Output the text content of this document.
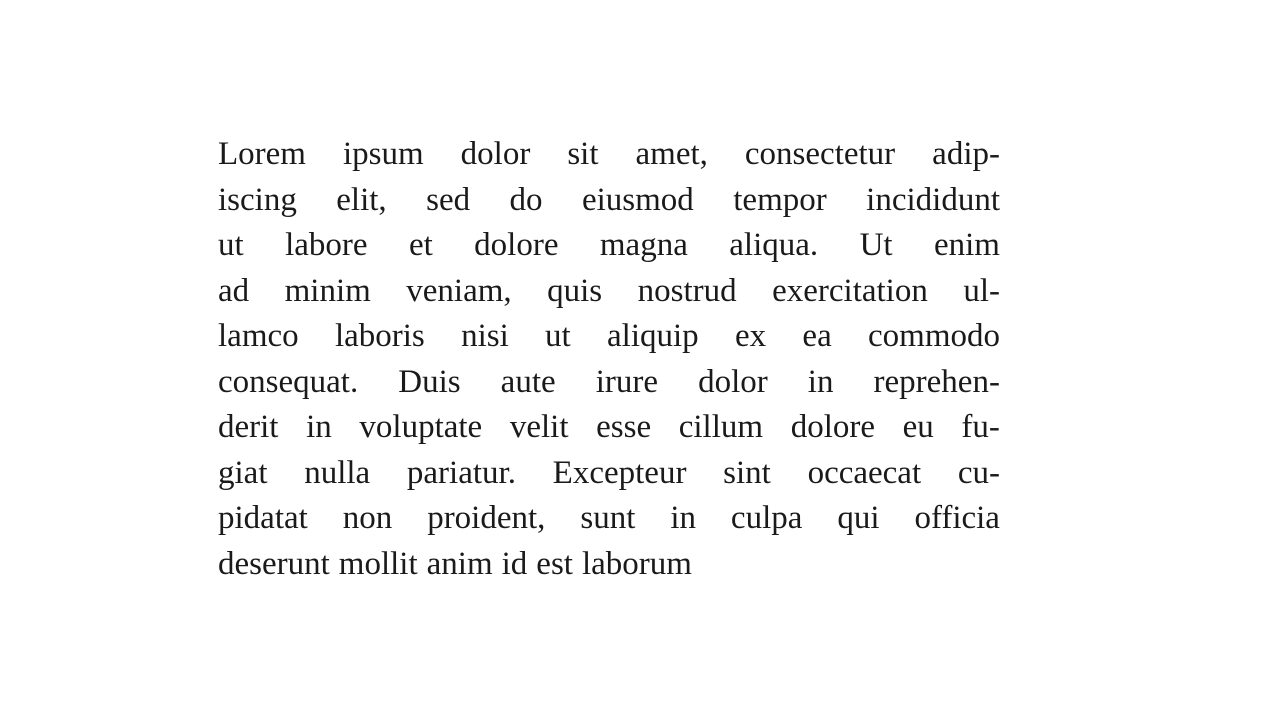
Lorem ipsum dolor sit amet, consectetur adip-
iscing elit, sed do eiusmod tempor incididunt
ut labore et dolore magna aliqua. Ut enim
ad minim veniam, quis nostrud exercitation ul-
lamco laboris nisi ut aliquip ex ea commodo
consequat. Duis aute irure dolor in reprehen-
derit in voluptate velit esse cillum dolore eu fu-
giat nulla pariatur. Excepteur sint occaecat cu-
pidatat non proident, sunt in culpa qui officia
deserunt mollit anim id est laborum
